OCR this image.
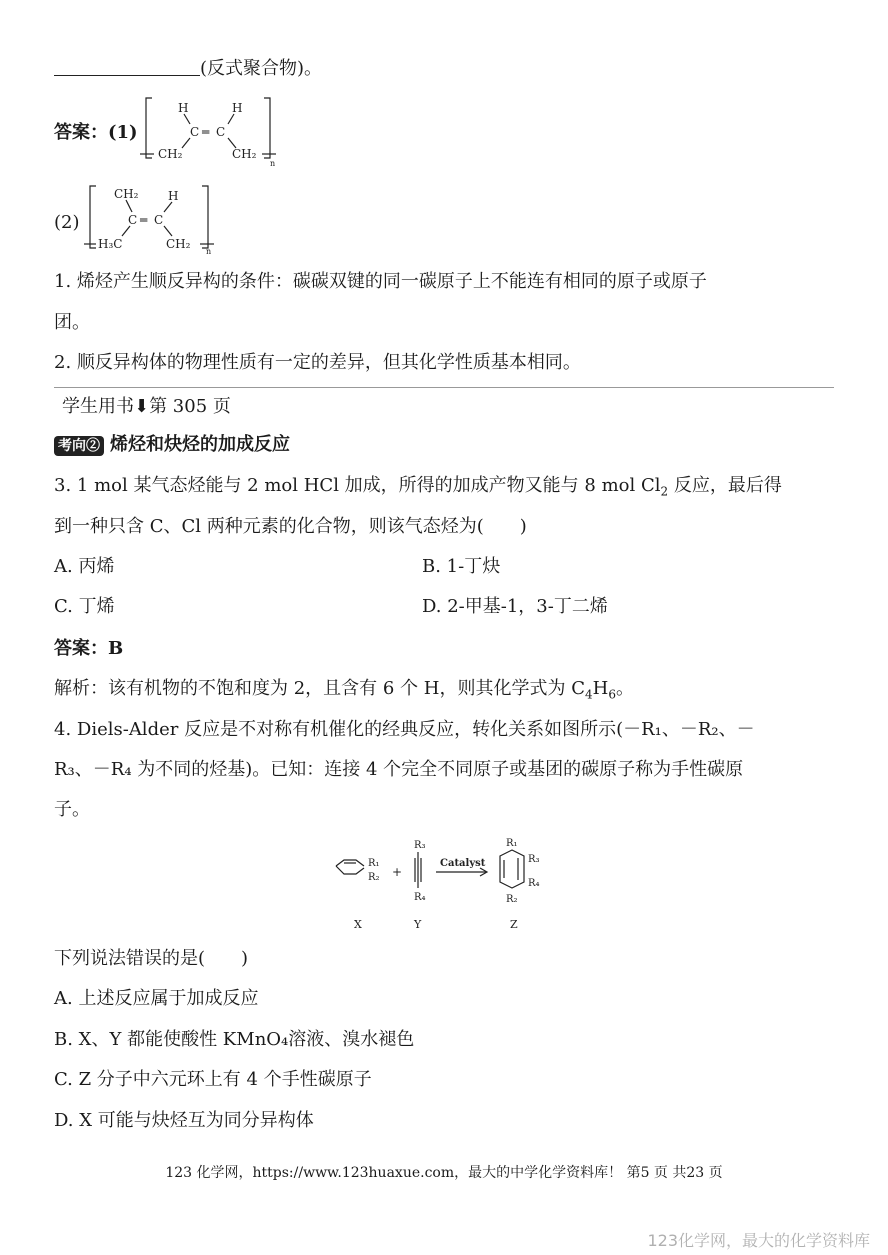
(反式聚合物)。
答案：(1)
H	H
C ═ C
CH₂	CH₂
n
(2)
CH₂ H
C ═ C
H₃C	CH₂
n
1. 烯烃产生顺反异构的条件：碳碳双键的同一碳原子上不能连有相同的原子或原子
团。
2. 顺反异构体的物理性质有一定的差异，但其化学性质基本相同。
学生用书⬇第 305 页
考向② 烯烃和炔烃的加成反应
3. 1 mol 某气态烃能与 2 mol HCl 加成，所得的加成产物又能与 8 mol $Cl_2$ 反应，最后得
到一种只含 C、Cl 两种元素的化合物，则该气态烃为(　　)
A. 丙烯	B. 1-丁炔
C. 丁烯	D. 2-甲基-1，3-丁二烯
答案：B
解析：该有机物的不饱和度为 2，且含有 6 个 H，则其化学式为 $C_4H_6$。
4. Diels-Alder 反应是不对称有机催化的经典反应，转化关系如图所示(－R₁、－R₂、－
R₃、－R₄ 为不同的烃基)。已知：连接 4 个完全不同原子或基团的碳原子称为手性碳原
子。
R₁
R₂ +
R₃
R₄
Catalyst
R₁
R₃
R₄
R₂
X	Y	Z
下列说法错误的是(　　)
A. 上述反应属于加成反应
B. X、Y 都能使酸性 KMnO₄溶液、溴水褪色
C. Z 分子中六元环上有 4 个手性碳原子
D. X 可能与炔烃互为同分异构体
123 化学网，https://www.123huaxue.com，最大的中学化学资料库！ 第5 页 共23 页
123化学网，最大的化学资料库
